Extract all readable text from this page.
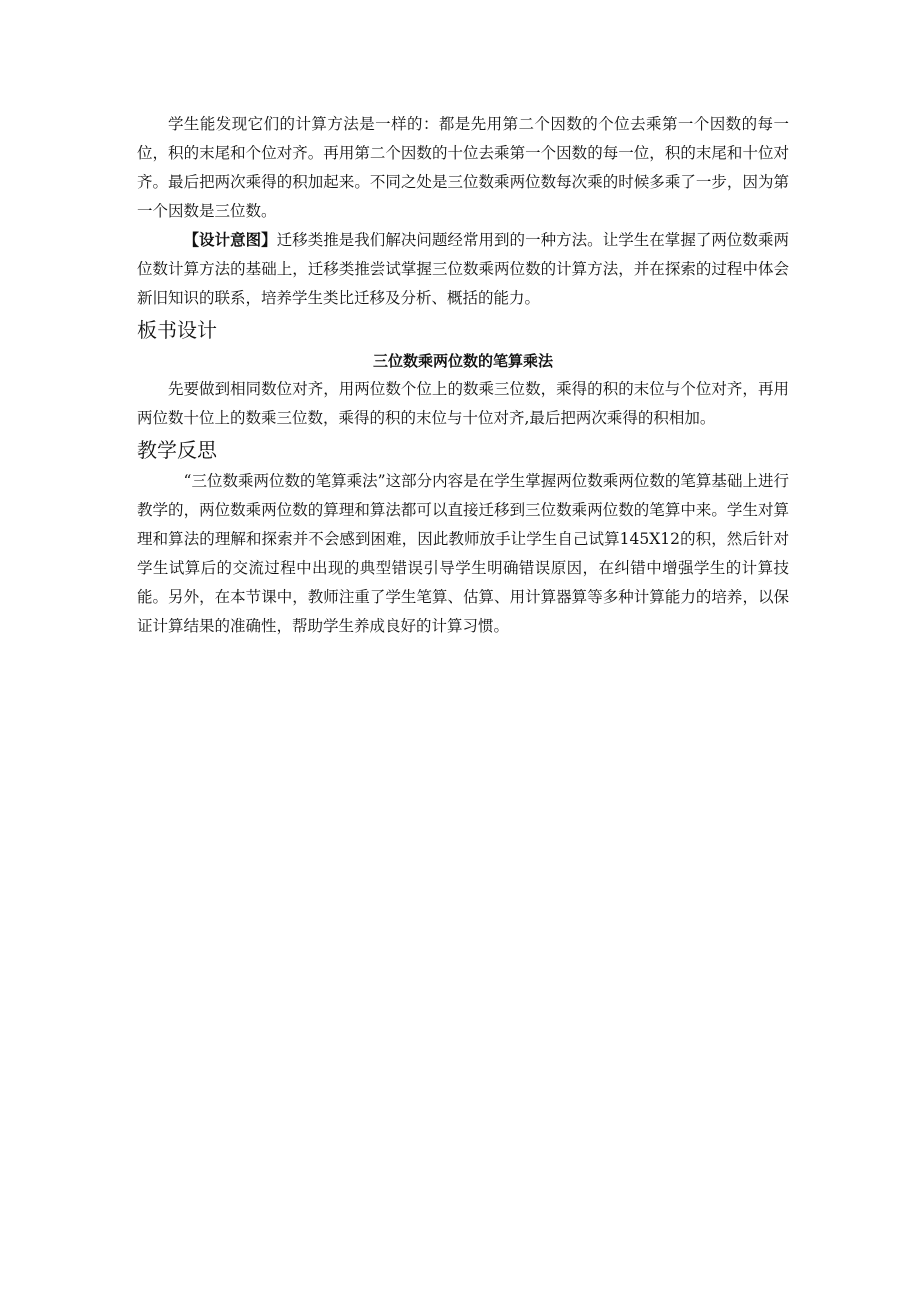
学生能发现它们的计算方法是一样的：都是先用第二个因数的个位去乘第一个因数的每一位，积的末尾和个位对齐。再用第二个因数的十位去乘第一个因数的每一位，积的末尾和十位对齐。最后把两次乘得的积加起来。不同之处是三位数乘两位数每次乘的时候多乘了一步，因为第一个因数是三位数。

【设计意图】迁移类推是我们解决问题经常用到的一种方法。让学生在掌握了两位数乘两位数计算方法的基础上，迁移类推尝试掌握三位数乘两位数的计算方法，并在探索的过程中体会新旧知识的联系，培养学生类比迁移及分析、概括的能力。

板书设计
三位数乘两位数的笔算乘法

先要做到相同数位对齐，用两位数个位上的数乘三位数，乘得的积的末位与个位对齐，再用两位数十位上的数乘三位数，乘得的积的末位与十位对齐,最后把两次乘得的积相加。

教学反思

“三位数乘两位数的笔算乘法”这部分内容是在学生掌握两位数乘两位数的笔算基础上进行教学的，两位数乘两位数的算理和算法都可以直接迁移到三位数乘两位数的笔算中来。学生对算理和算法的理解和探索并不会感到困难，因此教师放手让学生自己试算145X12的积，然后针对学生试算后的交流过程中出现的典型错误引导学生明确错误原因，在纠错中增强学生的计算技能。另外，在本节课中，教师注重了学生笔算、估算、用计算器算等多种计算能力的培养，以保证计算结果的准确性，帮助学生养成良好的计算习惯。
